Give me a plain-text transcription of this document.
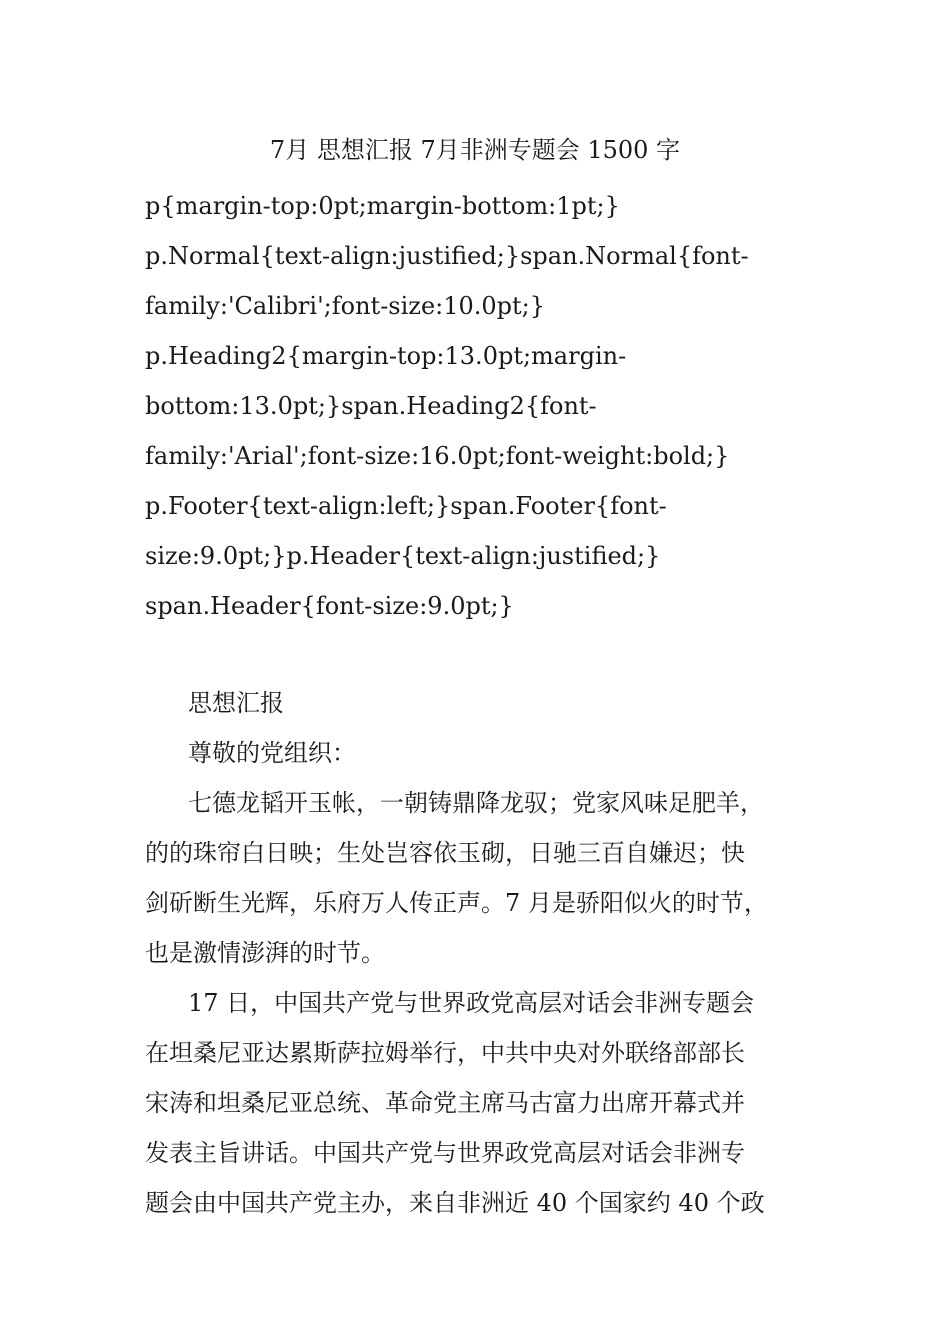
7月 思想汇报 7月非洲专题会 1500 字
p{margin-top:0pt;margin-bottom:1pt;}
p.Normal{text-align:justified;}span.Normal{font-
family:'Calibri';font-size:10.0pt;}
p.Heading2{margin-top:13.0pt;margin-
bottom:13.0pt;}span.Heading2{font-
family:'Arial';font-size:16.0pt;font-weight:bold;}
p.Footer{text-align:left;}span.Footer{font-
size:9.0pt;}p.Header{text-align:justified;}
span.Header{font-size:9.0pt;}
思想汇报
尊敬的党组织：
七德龙韬开玉帐，一朝铸鼎降龙驭；党家风味足肥羊，
的的珠帘白日映；生处岂容依玉砌，日驰三百自嫌迟；快
剑斫断生光辉，乐府万人传正声。7 月是骄阳似火的时节，
也是激情澎湃的时节。
17 日，中国共产党与世界政党高层对话会非洲专题会
在坦桑尼亚达累斯萨拉姆举行，中共中央对外联络部部长
宋涛和坦桑尼亚总统、革命党主席马古富力出席开幕式并
发表主旨讲话。中国共产党与世界政党高层对话会非洲专
题会由中国共产党主办，来自非洲近 40 个国家约 40 个政
